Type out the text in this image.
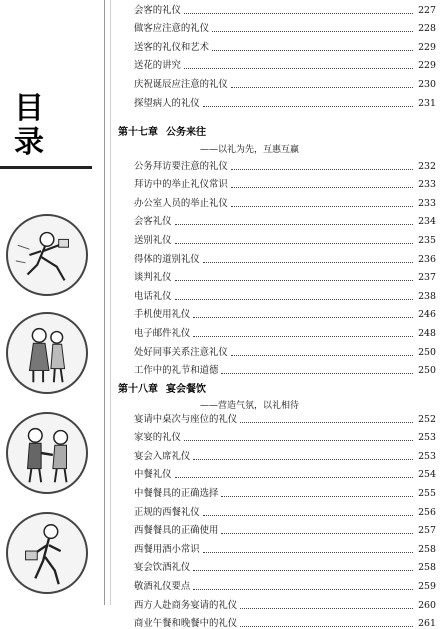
目
录
会客的礼仪	227
做客应注意的礼仪	228
送客的礼仪和艺术	229
送花的讲究	229
庆祝诞辰应注意的礼仪	230
探望病人的礼仪	231
第十七章 公务来往
——以礼为先，互惠互赢
公务拜访要注意的礼仪	232
拜访中的举止礼仪常识	233
办公室人员的举止礼仪	233
会客礼仪	234
送别礼仪	235
得体的道别礼仪	236
谈判礼仪	237
电话礼仪	238
手机使用礼仪	246
电子邮件礼仪	248
处好同事关系注意礼仪	250
工作中的礼节和道德	250
第十八章 宴会餐饮
——营造气氛，以礼相待
宴请中桌次与座位的礼仪	252
家宴的礼仪	253
宴会入席礼仪	253
中餐礼仪	254
中餐餐具的正确选择	255
正规的西餐礼仪	256
西餐餐具的正确使用	257
西餐用酒小常识	258
宴会饮酒礼仪	258
敬酒礼仪要点	259
西方人赴商务宴请的礼仪	260
商业午餐和晚餐中的礼仪	261
